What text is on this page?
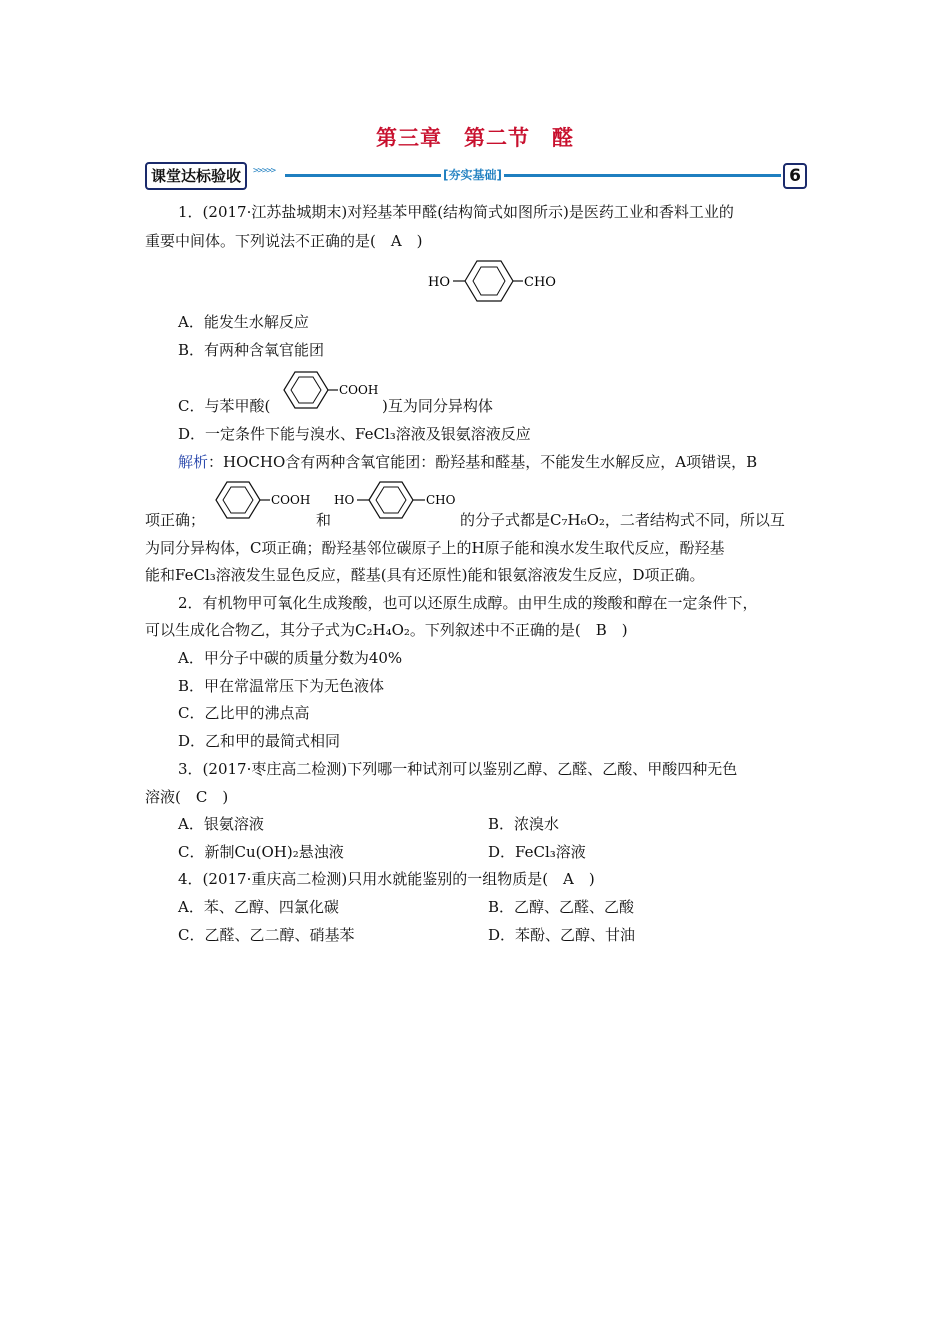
第三章　第二节　醛
课堂达标验收	>>>>>	[夯实基础]	6
1．(2017·江苏盐城期末)对羟基苯甲醛(结构简式如图所示)是医药工业和香料工业的
重要中间体。下列说法不正确的是(　A　)
HO	CHO
A．能发生水解反应
B．有两种含氧官能团
C．与苯甲酸(
COOH
)互为同分异构体
D．一定条件下能与溴水、FeCl₃溶液及银氨溶液反应
解析：HOCHO含有两种含氧官能团：酚羟基和醛基，不能发生水解反应，A项错误，B
项正确；
COOH
和
HO	CHO
的分子式都是C₇H₆O₂，二者结构式不同，所以互
为同分异构体，C项正确；酚羟基邻位碳原子上的H原子能和溴水发生取代反应，酚羟基
能和FeCl₃溶液发生显色反应，醛基(具有还原性)能和银氨溶液发生反应，D项正确。
2．有机物甲可氧化生成羧酸，也可以还原生成醇。由甲生成的羧酸和醇在一定条件下，
可以生成化合物乙，其分子式为C₂H₄O₂。下列叙述中不正确的是(　B　)
A．甲分子中碳的质量分数为40%
B．甲在常温常压下为无色液体
C．乙比甲的沸点高
D．乙和甲的最简式相同
3．(2017·枣庄高二检测)下列哪一种试剂可以鉴别乙醇、乙醛、乙酸、甲酸四种无色
溶液(　C　)
A．银氨溶液	B．浓溴水
C．新制Cu(OH)₂悬浊液	D．FeCl₃溶液
4．(2017·重庆高二检测)只用水就能鉴别的一组物质是(　A　)
A．苯、乙醇、四氯化碳	B．乙醇、乙醛、乙酸
C．乙醛、乙二醇、硝基苯	D．苯酚、乙醇、甘油
